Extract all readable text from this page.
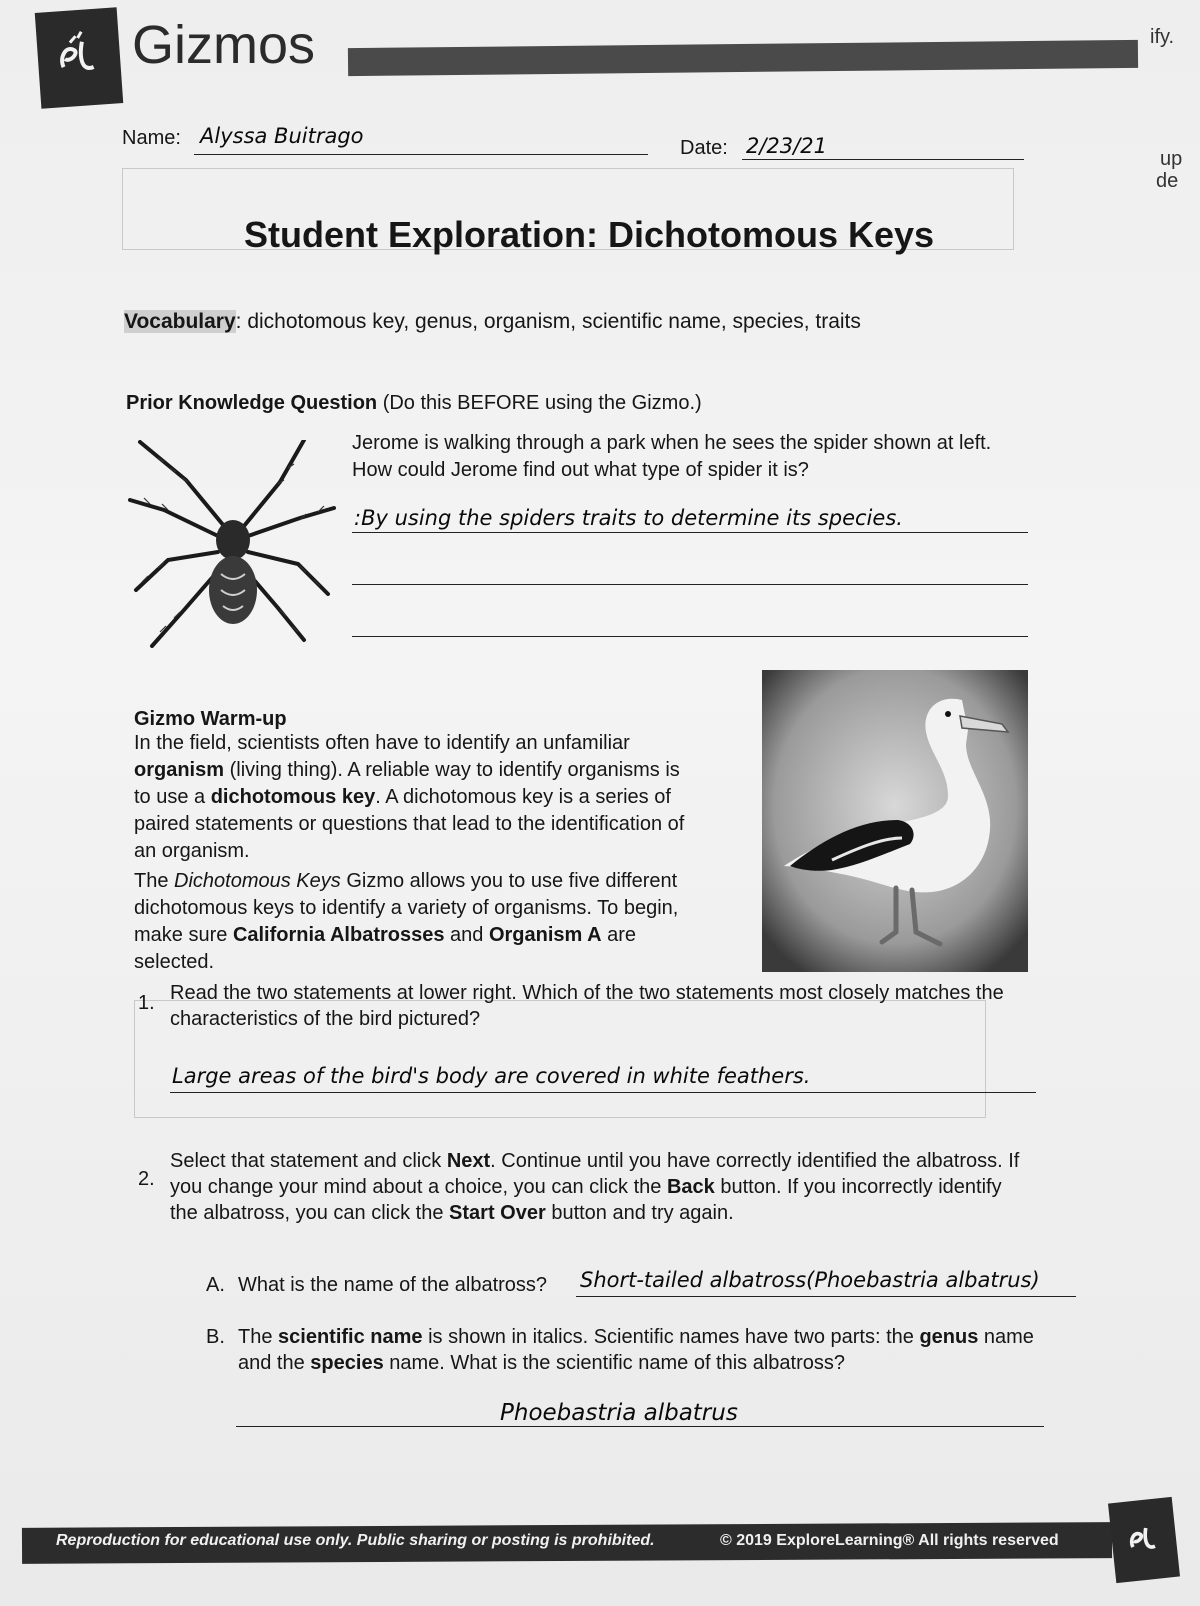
Gizmos	ify.
up
de
Name: Alyssa Buitrago	Date: 2/23/21
Student Exploration: Dichotomous Keys
Vocabulary: dichotomous key, genus, organism, scientific name, species, traits
Prior Knowledge Question (Do this BEFORE using the Gizmo.)
Jerome is walking through a park when he sees the spider shown at left. How could Jerome find out what type of spider it is?
:By using the spiders traits to determine its species.
Gizmo Warm-up
In the field, scientists often have to identify an unfamiliar organism (living thing). A reliable way to identify organisms is to use a dichotomous key. A dichotomous key is a series of paired statements or questions that lead to the identification of an organism.
The Dichotomous Keys Gizmo allows you to use five different dichotomous keys to identify a variety of organisms. To begin, make sure California Albatrosses and Organism A are selected.
1. Read the two statements at lower right. Which of the two statements most closely matches the characteristics of the bird pictured?
Large areas of the bird's body are covered in white feathers.
2.
Select that statement and click Next. Continue until you have correctly identified the albatross. If you change your mind about a choice, you can click the Back button. If you incorrectly identify the albatross, you can click the Start Over button and try again.
A. What is the name of the albatross? Short-tailed albatross(Phoebastria albatrus)
B. The scientific name is shown in italics. Scientific names have two parts: the genus name and the species name. What is the scientific name of this albatross?
Phoebastria albatrus
Reproduction for educational use only. Public sharing or posting is prohibited.	© 2019 ExploreLearning® All rights reserved
